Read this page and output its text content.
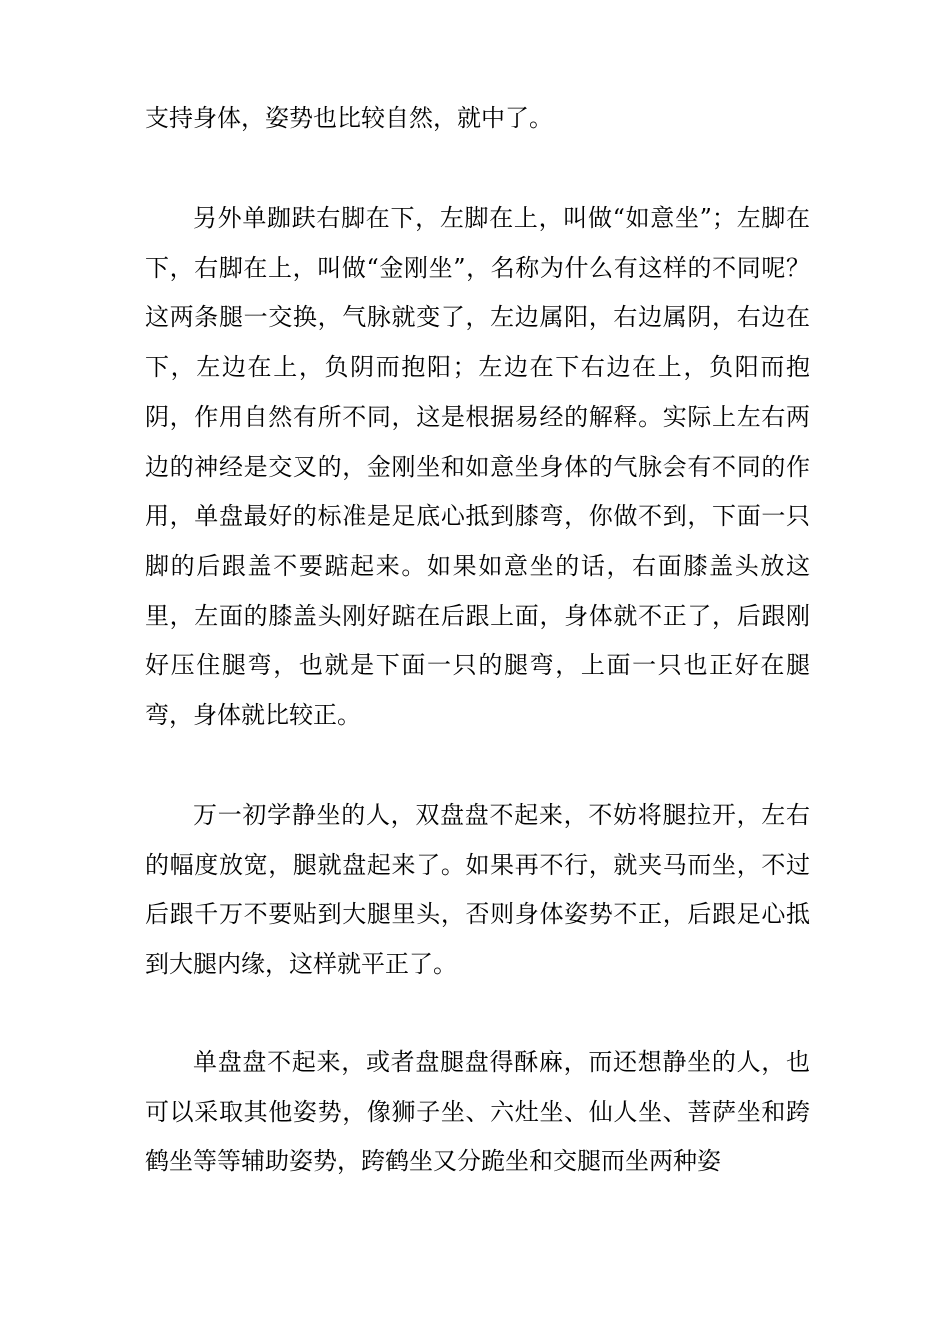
支持身体，姿势也比较自然，就中了。

另外单跏趺右脚在下，左脚在上，叫做“如意坐”；左脚在下，右脚在上，叫做“金刚坐”，名称为什么有这样的不同呢？这两条腿一交换，气脉就变了，左边属阳，右边属阴，右边在下，左边在上，负阴而抱阳；左边在下右边在上，负阳而抱阴，作用自然有所不同，这是根据易经的解释。实际上左右两边的神经是交叉的，金刚坐和如意坐身体的气脉会有不同的作用，单盘最好的标准是足底心抵到膝弯，你做不到，下面一只脚的后跟盖不要踮起来。如果如意坐的话，右面膝盖头放这里，左面的膝盖头刚好踮在后跟上面，身体就不正了，后跟刚好压住腿弯，也就是下面一只的腿弯，上面一只也正好在腿弯，身体就比较正。

万一初学静坐的人，双盘盘不起来，不妨将腿拉开，左右的幅度放宽，腿就盘起来了。如果再不行，就夹马而坐，不过后跟千万不要贴到大腿里头，否则身体姿势不正，后跟足心抵到大腿内缘，这样就平正了。

单盘盘不起来，或者盘腿盘得酥麻，而还想静坐的人，也可以采取其他姿势，像狮子坐、六灶坐、仙人坐、菩萨坐和跨鹤坐等等辅助姿势，跨鹤坐又分跪坐和交腿而坐两种姿
